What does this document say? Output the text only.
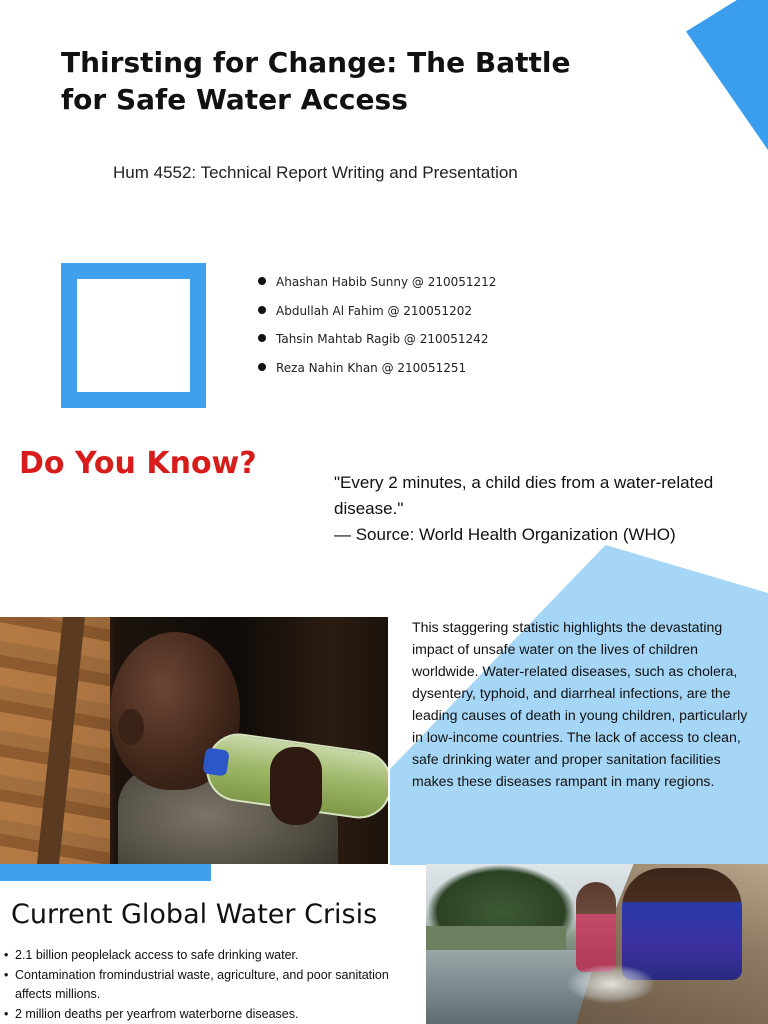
Thirsting for Change: The Battle for Safe Water Access
Hum 4552: Technical Report Writing and Presentation
Ahashan Habib Sunny @ 210051212
Abdullah Al Fahim @ 210051202
Tahsin Mahtab Ragib @ 210051242
Reza Nahin Khan @ 210051251
Do You Know?
"Every 2 minutes, a child dies from a water-related disease."
— Source: World Health Organization (WHO)
This staggering statistic highlights the devastating impact of unsafe water on the lives of children worldwide. Water-related diseases, such as cholera, dysentery, typhoid, and diarrheal infections, are the leading causes of death in young children, particularly in low-income countries. The lack of access to clean, safe drinking water and proper sanitation facilities makes these diseases rampant in many regions.
Current Global Water Crisis
• 2.1 billion peoplelack access to safe drinking water.
• Contamination fromindustrial waste, agriculture, and poor sanitation affects millions.
• 2 million deaths per yearfrom waterborne diseases.
